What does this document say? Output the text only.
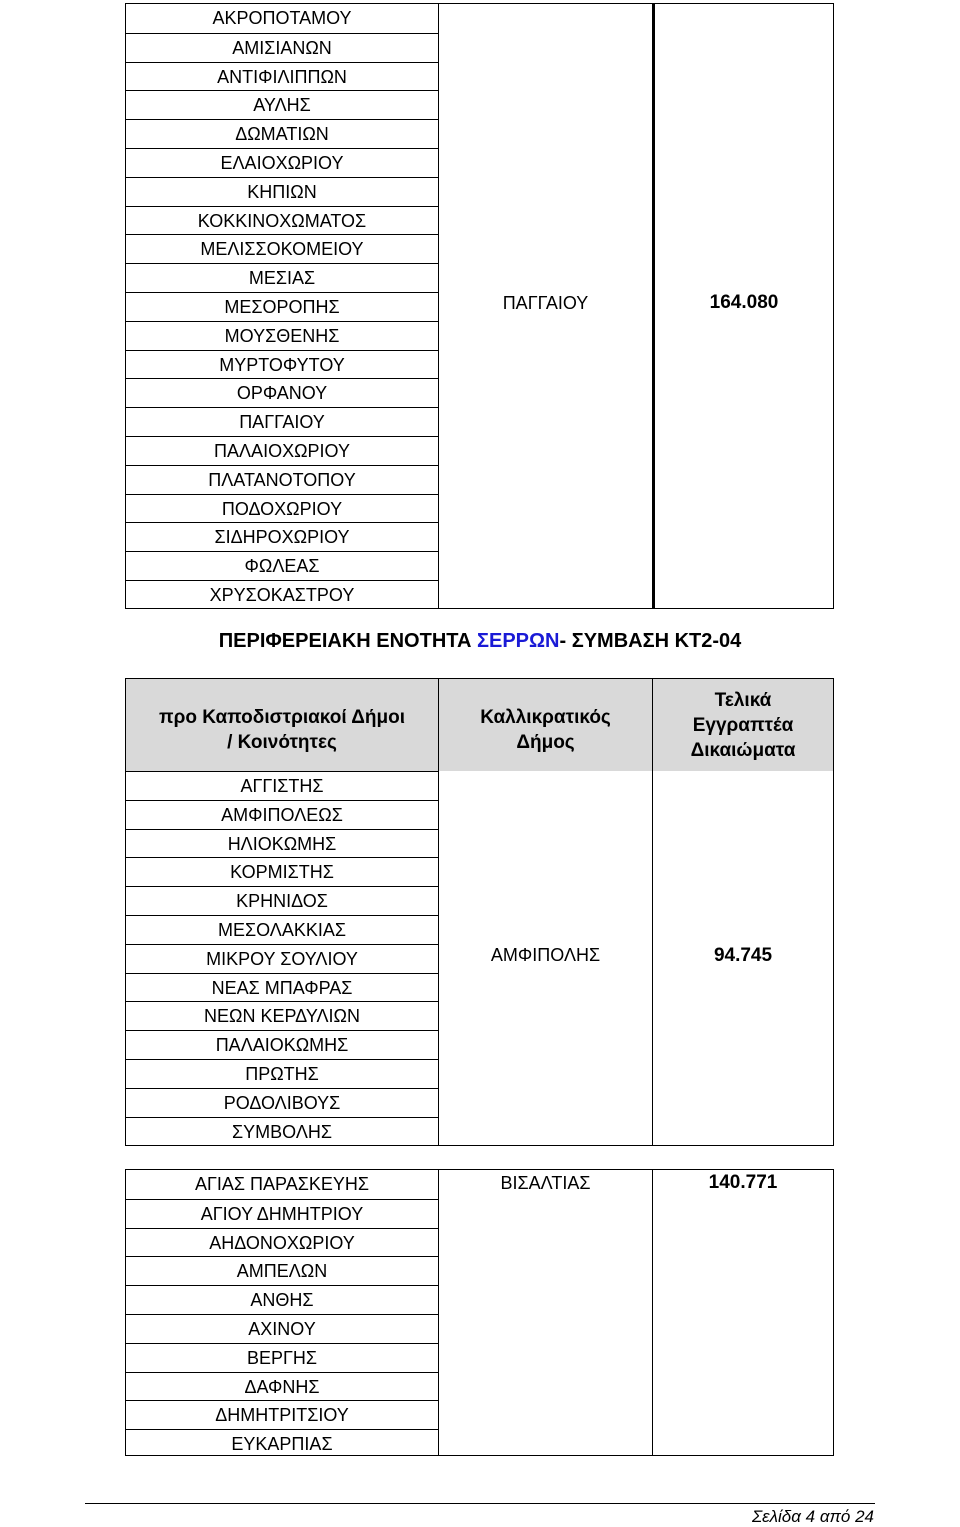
ΑΚΡΟΠΟΤΑΜΟΥ
ΑΜΙΣΙΑΝΩΝ
ΑΝΤΙΦΙΛΙΠΠΩΝ
ΑΥΛΗΣ
ΔΩΜΑΤΙΩΝ
ΕΛΑΙΟΧΩΡΙΟΥ
ΚΗΠΙΩΝ
ΚΟΚΚΙΝΟΧΩΜΑΤΟΣ
ΜΕΛΙΣΣΟΚΟΜΕΙΟΥ
ΜΕΣΙΑΣ
ΜΕΣΟΡΟΠΗΣ
ΜΟΥΣΘΕΝΗΣ
ΜΥΡΤΟΦΥΤΟΥ
ΟΡΦΑΝΟΥ
ΠΑΓΓΑΙΟΥ
ΠΑΛΑΙΟΧΩΡΙΟΥ
ΠΛΑΤΑΝΟΤΟΠΟΥ
ΠΟΔΟΧΩΡΙΟΥ
ΣΙΔΗΡΟΧΩΡΙΟΥ
ΦΩΛΕΑΣ
ΧΡΥΣΟΚΑΣΤΡΟΥ
ΠΑΓΓΑΙΟΥ	164.080
ΠΕΡΙΦΕΡΕΙΑΚΗ ΕΝΟΤΗΤΑ ΣΕΡΡΩΝ- ΣΥΜΒΑΣΗ ΚΤ2-04
προ Καποδιστριακοί Δήμοι
/ Κοινότητες
ΑΓΓΙΣΤΗΣ
ΑΜΦΙΠΟΛΕΩΣ
ΗΛΙΟΚΩΜΗΣ
ΚΟΡΜΙΣΤΗΣ
ΚΡΗΝΙΔΟΣ
ΜΕΣΟΛΑΚΚΙΑΣ
ΜΙΚΡΟΥ ΣΟΥΛΙΟΥ
ΝΕΑΣ ΜΠΑΦΡΑΣ
ΝΕΩΝ ΚΕΡΔΥΛΙΩΝ
ΠΑΛΑΙΟΚΩΜΗΣ
ΠΡΩΤΗΣ
ΡΟΔΟΛΙΒΟΥΣ
ΣΥΜΒΟΛΗΣ
Καλλικρατικός
Δήμος
ΑΜΦΙΠΟΛΗΣ
Τελικά
Εγγραπτέα
Δικαιώματα
94.745
ΑΓΙΑΣ ΠΑΡΑΣΚΕΥΗΣ
ΑΓΙΟΥ ΔΗΜΗΤΡΙΟΥ
ΑΗΔΟΝΟΧΩΡΙΟΥ
ΑΜΠΕΛΩΝ
ΑΝΘΗΣ
ΑΧΙΝΟΥ
ΒΕΡΓΗΣ
ΔΑΦΝΗΣ
ΔΗΜΗΤΡΙΤΣΙΟΥ
ΕΥΚΑΡΠΙΑΣ
ΒΙΣΑΛΤΙΑΣ	140.771
Σελίδα 4 από 24
